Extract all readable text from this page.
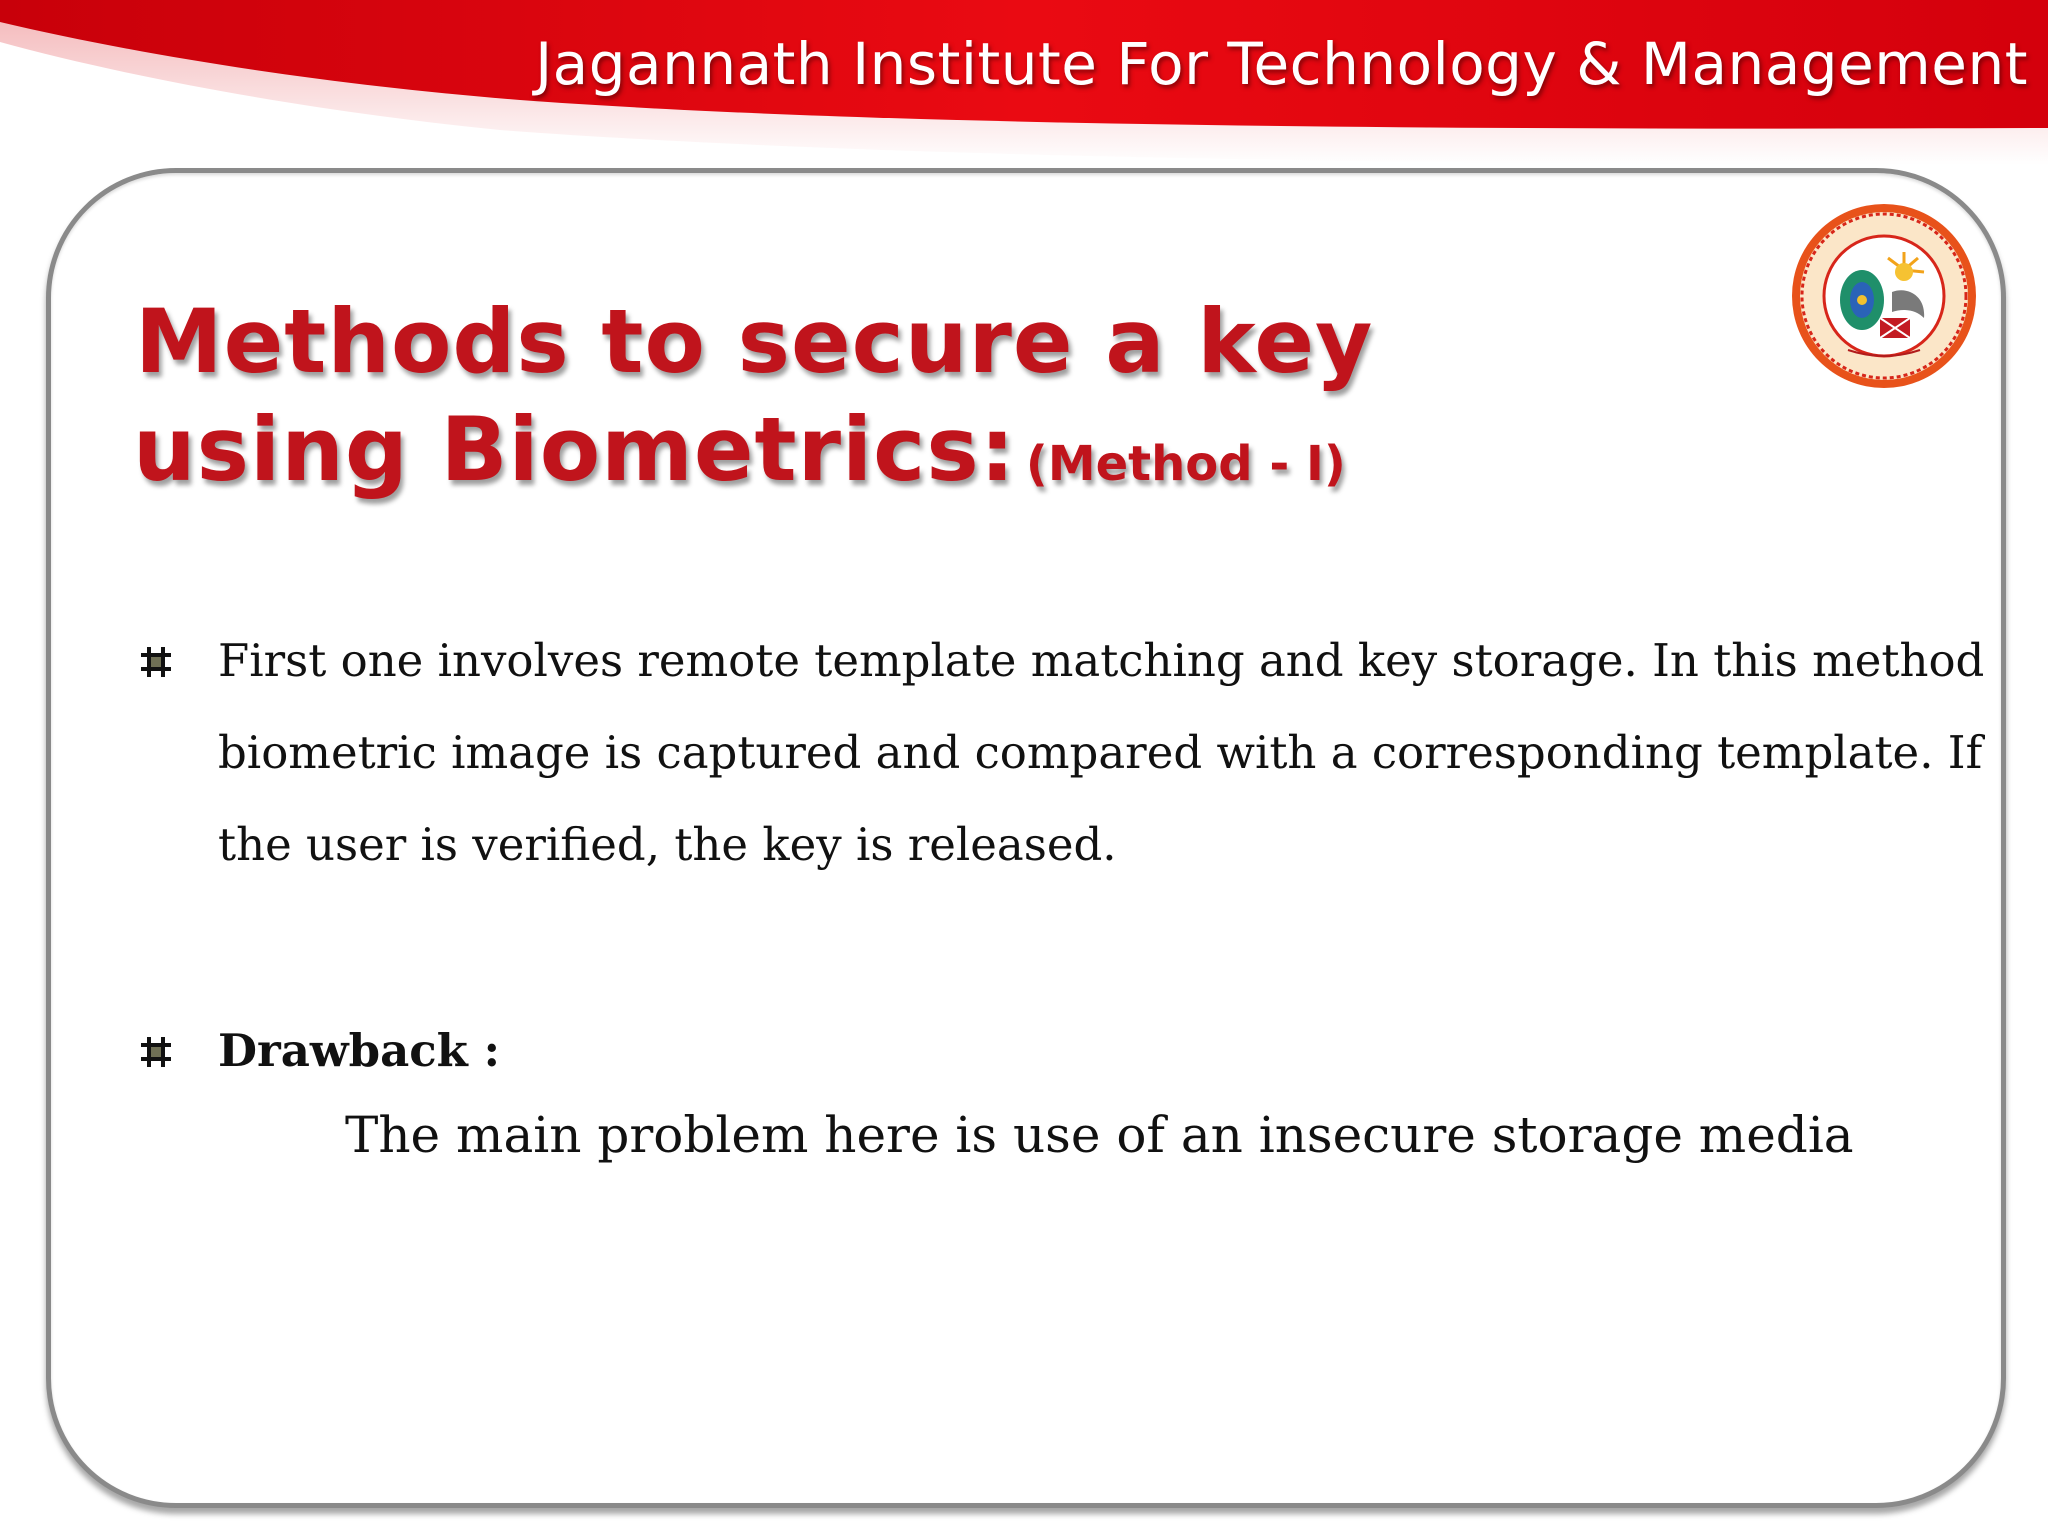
Jagannath Institute For Technology & Management
Methods to secure a key
using Biometrics: (Method - I)
First one involves remote template matching and key storage. In this method
biometric image is captured and compared with a corresponding template. If
the user is verified, the key is released.
Drawback :
The main problem here is use of an insecure storage media
